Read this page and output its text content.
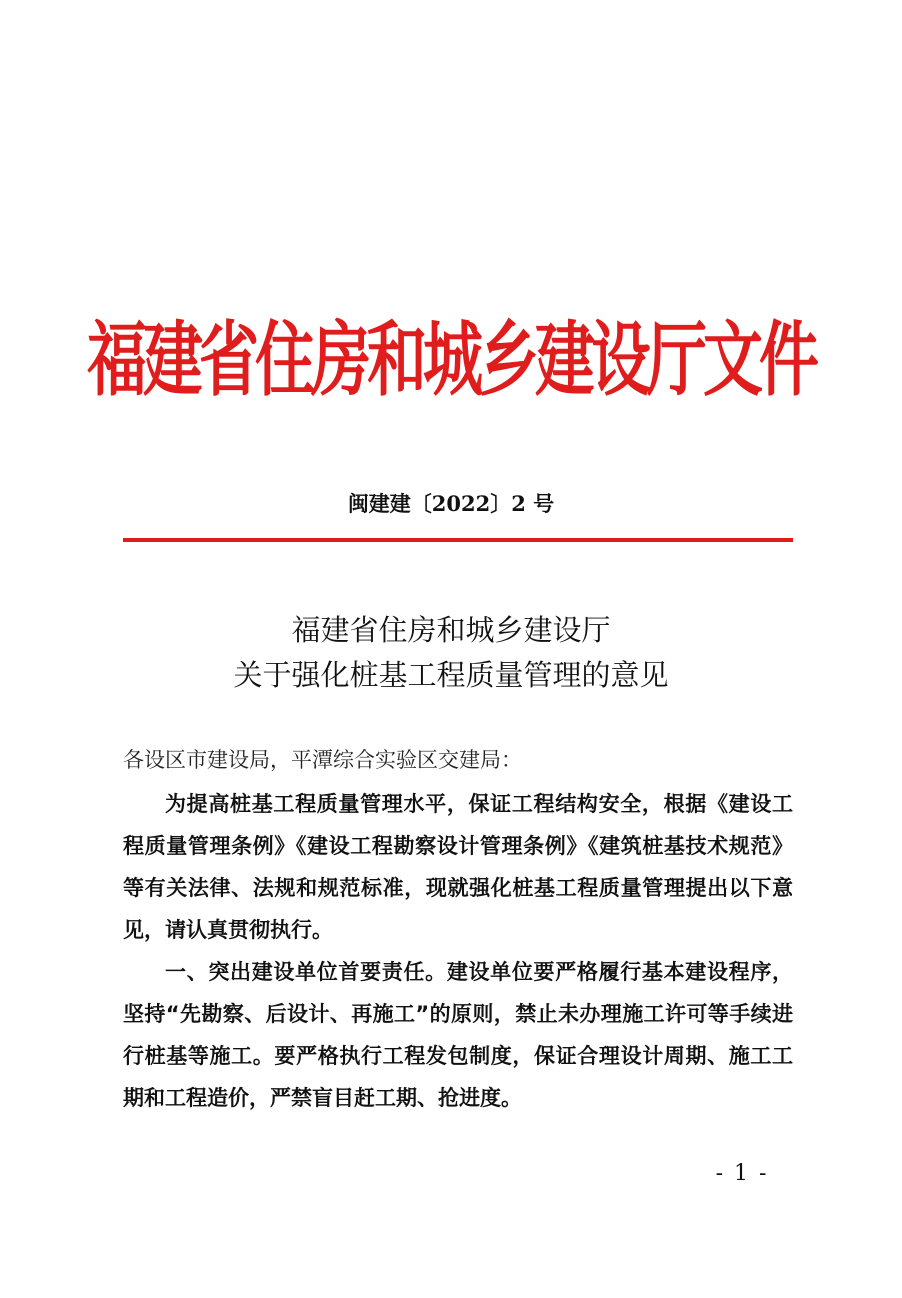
福建省住房和城乡建设厅文件
闽建建〔2022〕2 号
福建省住房和城乡建设厅
关于强化桩基工程质量管理的意见
各设区市建设局，平潭综合实验区交建局：

为提高桩基工程质量管理水平，保证工程结构安全，根据《建设工程质量管理条例》《建设工程勘察设计管理条例》《建筑桩基技术规范》等有关法律、法规和规范标准，现就强化桩基工程质量管理提出以下意见，请认真贯彻执行。

一、突出建设单位首要责任。建设单位要严格履行基本建设程序，坚持“先勘察、后设计、再施工”的原则，禁止未办理施工许可等手续进行桩基等施工。要严格执行工程发包制度，保证合理设计周期、施工工期和工程造价，严禁盲目赶工期、抢进度。

- 1 -
